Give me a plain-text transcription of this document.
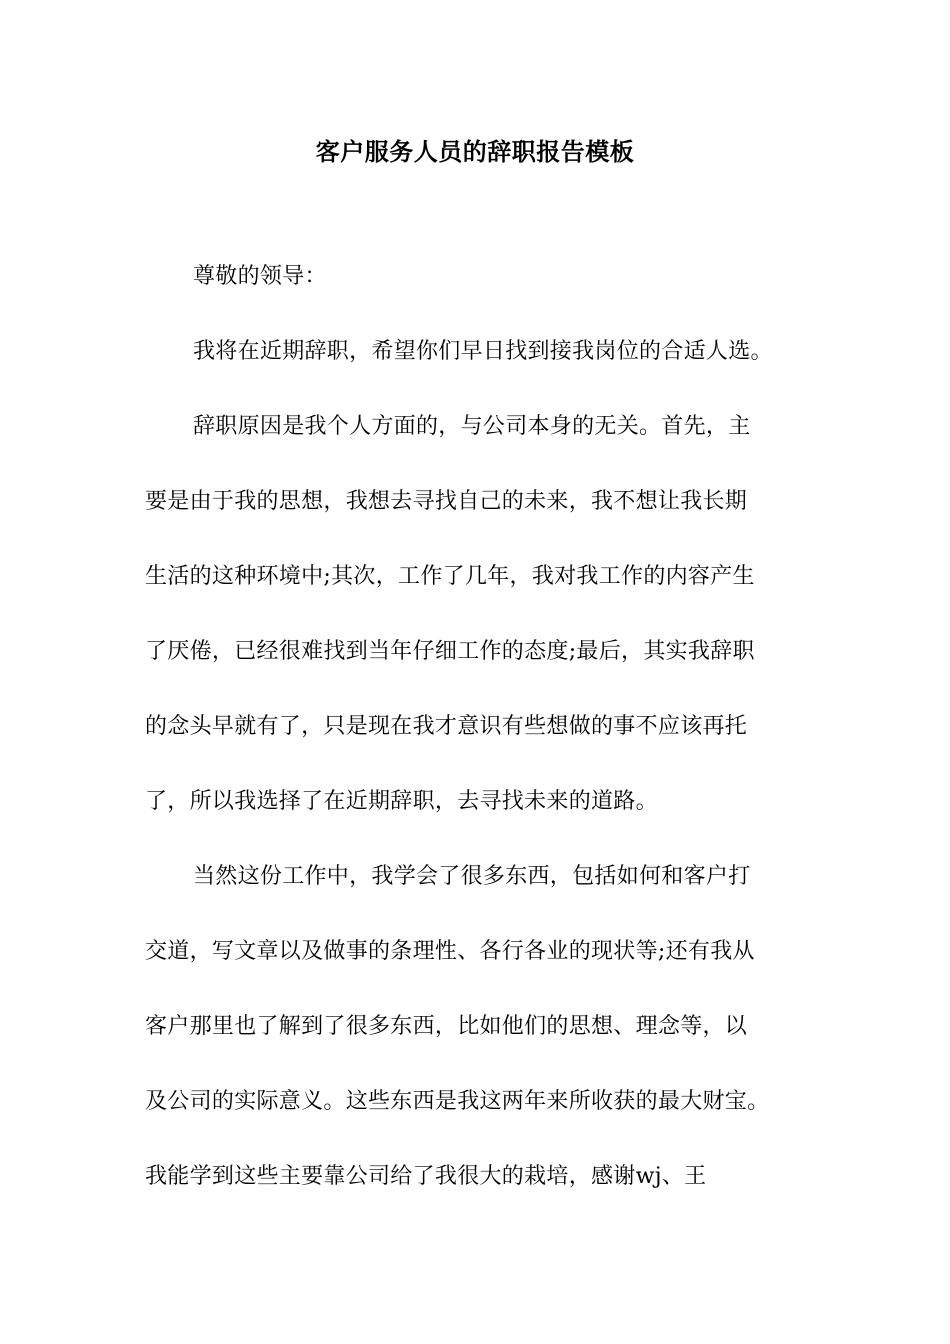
客户服务人员的辞职报告模板
尊敬的领导：
我将在近期辞职，希望你们早日找到接我岗位的合适人选。
辞职原因是我个人方面的，与公司本身的无关。首先，主
要是由于我的思想，我想去寻找自己的未来，我不想让我长期
生活的这种环境中;其次，工作了几年，我对我工作的内容产生
了厌倦，已经很难找到当年仔细工作的态度;最后，其实我辞职
的念头早就有了，只是现在我才意识有些想做的事不应该再托
了，所以我选择了在近期辞职，去寻找未来的道路。
当然这份工作中，我学会了很多东西，包括如何和客户打
交道，写文章以及做事的条理性、各行各业的现状等;还有我从
客户那里也了解到了很多东西，比如他们的思想、理念等，以
及公司的实际意义。这些东西是我这两年来所收获的最大财宝。
我能学到这些主要靠公司给了我很大的栽培，感谢wj、王
